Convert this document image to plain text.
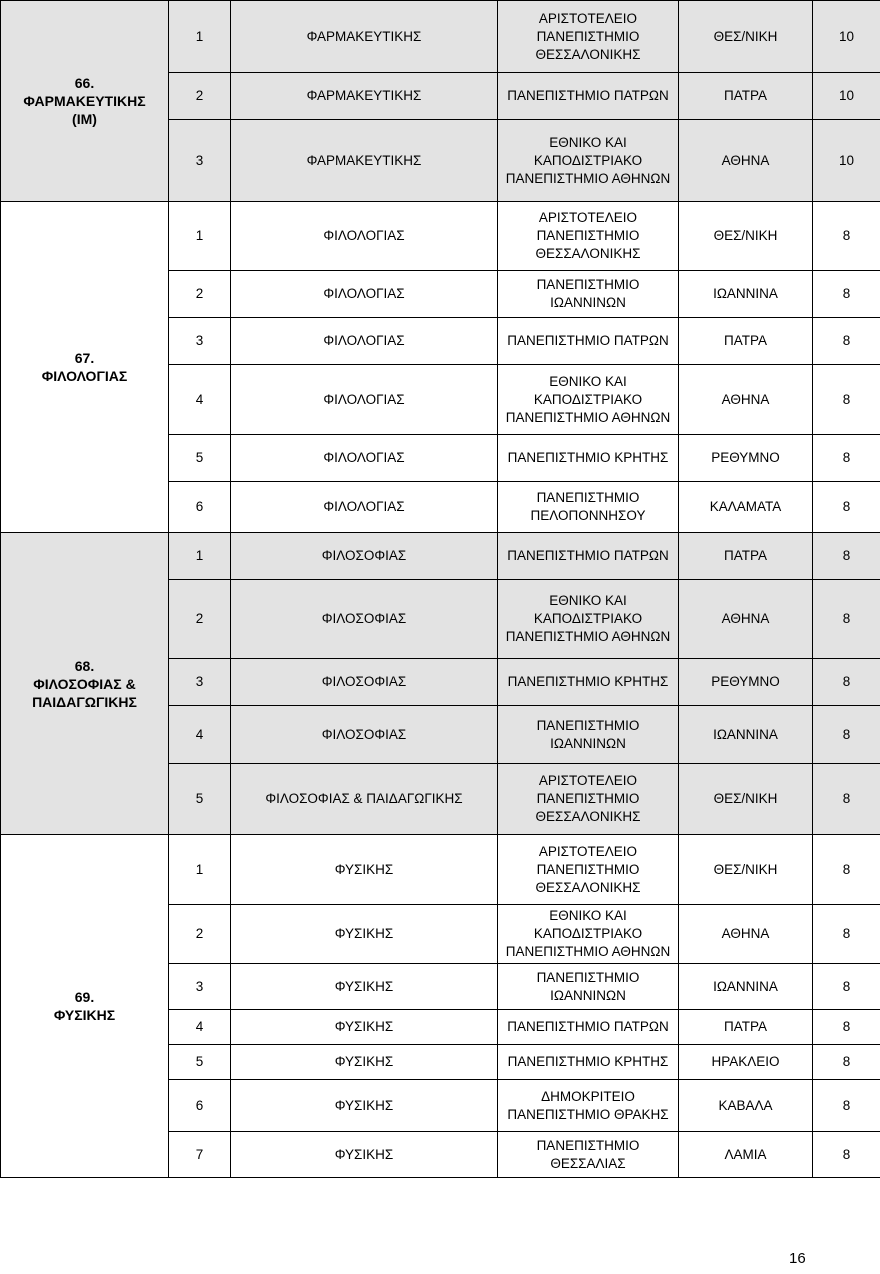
66.
ΦΑΡΜΑΚΕΥΤΙΚΗΣ
(ΙΜ)	1	ΦΑΡΜΑΚΕΥΤΙΚΗΣ	ΑΡΙΣΤΟΤΕΛΕΙΟ
ΠΑΝΕΠΙΣΤΗΜΙΟ
ΘΕΣΣΑΛΟΝΙΚΗΣ	ΘΕΣ/ΝΙΚΗ	10
	2	ΦΑΡΜΑΚΕΥΤΙΚΗΣ	ΠΑΝΕΠΙΣΤΗΜΙΟ ΠΑΤΡΩΝ	ΠΑΤΡΑ	10
	3	ΦΑΡΜΑΚΕΥΤΙΚΗΣ	ΕΘΝΙΚΟ ΚΑΙ
ΚΑΠΟΔΙΣΤΡΙΑΚΟ
ΠΑΝΕΠΙΣΤΗΜΙΟ ΑΘΗΝΩΝ	ΑΘΗΝΑ	10
67.
ΦΙΛΟΛΟΓΙΑΣ	1	ΦΙΛΟΛΟΓΙΑΣ	ΑΡΙΣΤΟΤΕΛΕΙΟ
ΠΑΝΕΠΙΣΤΗΜΙΟ
ΘΕΣΣΑΛΟΝΙΚΗΣ	ΘΕΣ/ΝΙΚΗ	8
	2	ΦΙΛΟΛΟΓΙΑΣ	ΠΑΝΕΠΙΣΤΗΜΙΟ
ΙΩΑΝΝΙΝΩΝ	ΙΩΑΝΝΙΝΑ	8
	3	ΦΙΛΟΛΟΓΙΑΣ	ΠΑΝΕΠΙΣΤΗΜΙΟ ΠΑΤΡΩΝ	ΠΑΤΡΑ	8
	4	ΦΙΛΟΛΟΓΙΑΣ	ΕΘΝΙΚΟ ΚΑΙ
ΚΑΠΟΔΙΣΤΡΙΑΚΟ
ΠΑΝΕΠΙΣΤΗΜΙΟ ΑΘΗΝΩΝ	ΑΘΗΝΑ	8
	5	ΦΙΛΟΛΟΓΙΑΣ	ΠΑΝΕΠΙΣΤΗΜΙΟ ΚΡΗΤΗΣ	ΡΕΘΥΜΝΟ	8
	6	ΦΙΛΟΛΟΓΙΑΣ	ΠΑΝΕΠΙΣΤΗΜΙΟ
ΠΕΛΟΠΟΝΝΗΣΟΥ	ΚΑΛΑΜΑΤΑ	8
68.
ΦΙΛΟΣΟΦΙΑΣ &
ΠΑΙΔΑΓΩΓΙΚΗΣ	1	ΦΙΛΟΣΟΦΙΑΣ	ΠΑΝΕΠΙΣΤΗΜΙΟ ΠΑΤΡΩΝ	ΠΑΤΡΑ	8
	2	ΦΙΛΟΣΟΦΙΑΣ	ΕΘΝΙΚΟ ΚΑΙ
ΚΑΠΟΔΙΣΤΡΙΑΚΟ
ΠΑΝΕΠΙΣΤΗΜΙΟ ΑΘΗΝΩΝ	ΑΘΗΝΑ	8
	3	ΦΙΛΟΣΟΦΙΑΣ	ΠΑΝΕΠΙΣΤΗΜΙΟ ΚΡΗΤΗΣ	ΡΕΘΥΜΝΟ	8
	4	ΦΙΛΟΣΟΦΙΑΣ	ΠΑΝΕΠΙΣΤΗΜΙΟ
ΙΩΑΝΝΙΝΩΝ	ΙΩΑΝΝΙΝΑ	8
	5	ΦΙΛΟΣΟΦΙΑΣ & ΠΑΙΔΑΓΩΓΙΚΗΣ	ΑΡΙΣΤΟΤΕΛΕΙΟ
ΠΑΝΕΠΙΣΤΗΜΙΟ
ΘΕΣΣΑΛΟΝΙΚΗΣ	ΘΕΣ/ΝΙΚΗ	8
69.
ΦΥΣΙΚΗΣ	1	ΦΥΣΙΚΗΣ	ΑΡΙΣΤΟΤΕΛΕΙΟ
ΠΑΝΕΠΙΣΤΗΜΙΟ
ΘΕΣΣΑΛΟΝΙΚΗΣ	ΘΕΣ/ΝΙΚΗ	8
	2	ΦΥΣΙΚΗΣ	ΕΘΝΙΚΟ ΚΑΙ
ΚΑΠΟΔΙΣΤΡΙΑΚΟ
ΠΑΝΕΠΙΣΤΗΜΙΟ ΑΘΗΝΩΝ	ΑΘΗΝΑ	8
	3	ΦΥΣΙΚΗΣ	ΠΑΝΕΠΙΣΤΗΜΙΟ
ΙΩΑΝΝΙΝΩΝ	ΙΩΑΝΝΙΝΑ	8
	4	ΦΥΣΙΚΗΣ	ΠΑΝΕΠΙΣΤΗΜΙΟ ΠΑΤΡΩΝ	ΠΑΤΡΑ	8
	5	ΦΥΣΙΚΗΣ	ΠΑΝΕΠΙΣΤΗΜΙΟ ΚΡΗΤΗΣ	ΗΡΑΚΛΕΙΟ	8
	6	ΦΥΣΙΚΗΣ	ΔΗΜΟΚΡΙΤΕΙΟ
ΠΑΝΕΠΙΣΤΗΜΙΟ ΘΡΑΚΗΣ	ΚΑΒΑΛΑ	8
	7	ΦΥΣΙΚΗΣ	ΠΑΝΕΠΙΣΤΗΜΙΟ
ΘΕΣΣΑΛΙΑΣ	ΛΑΜΙΑ	8
16
